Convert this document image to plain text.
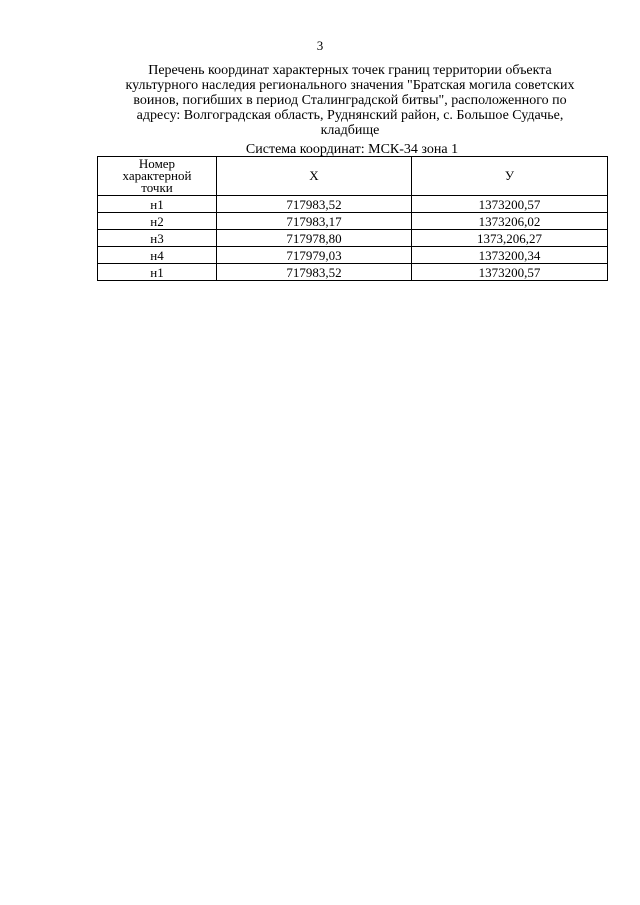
3
Перечень координат характерных точек границ территории объекта
культурного наследия регионального значения "Братская могила советских
воинов, погибших в период Сталинградской битвы", расположенного по
адресу: Волгоградская область, Руднянский район, с. Большое Судачье,
кладбище
Система координат: МСК-34 зона 1
Номер
характерной
точки	X	У
н1	717983,52	1373200,57
н2	717983,17	1373206,02
н3	717978,80	1373,206,27
н4	717979,03	1373200,34
н1	717983,52	1373200,57
